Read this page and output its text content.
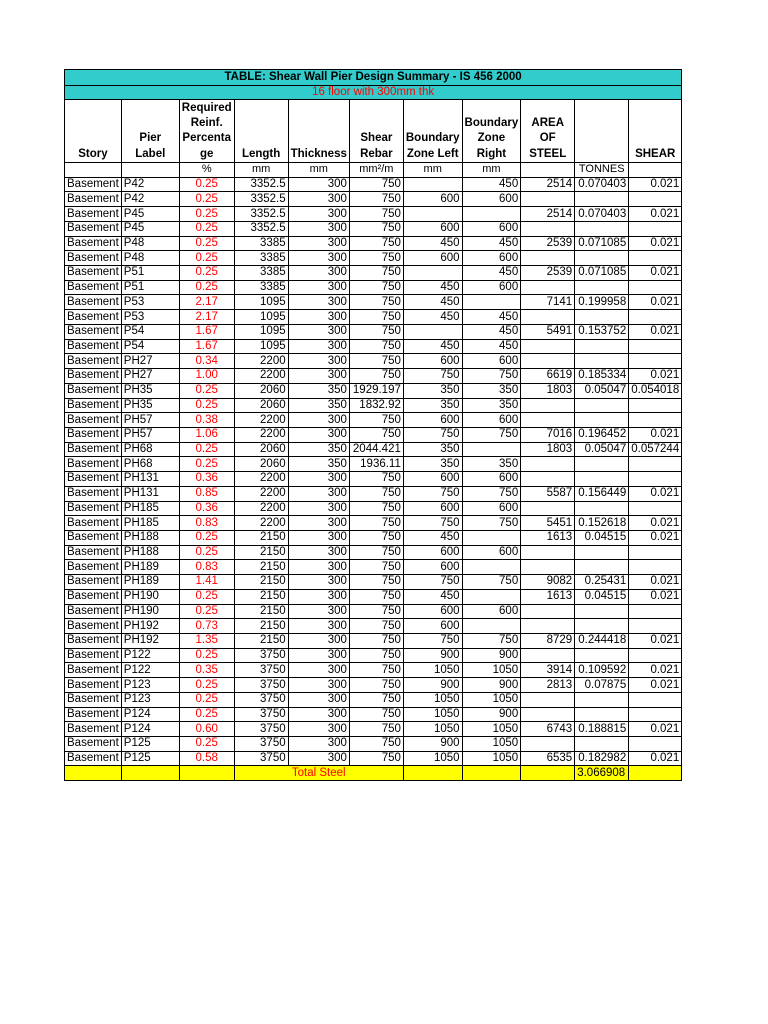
TABLE: Shear Wall Pier Design Summary - IS 456 2000										
16 floor with 300mm thk										
Story	Pier Label	Required Reinf. Percenta ge	Length	Thickness	Shear Rebar	Boundary Zone Left	Boundary Zone Right	AREA OF STEEL		SHEAR
		%	mm	mm	mm²/m	mm	mm		TONNES	
Basement	P42	0.25	3352.5	300	750		450	2514	0.070403	0.021
Basement	P42	0.25	3352.5	300	750	600	600			
Basement	P45	0.25	3352.5	300	750			2514	0.070403	0.021
Basement	P45	0.25	3352.5	300	750	600	600			
Basement	P48	0.25	3385	300	750	450	450	2539	0.071085	0.021
Basement	P48	0.25	3385	300	750	600	600			
Basement	P51	0.25	3385	300	750		450	2539	0.071085	0.021
Basement	P51	0.25	3385	300	750	450	600			
Basement	P53	2.17	1095	300	750	450		7141	0.199958	0.021
Basement	P53	2.17	1095	300	750	450	450			
Basement	P54	1.67	1095	300	750		450	5491	0.153752	0.021
Basement	P54	1.67	1095	300	750	450	450			
Basement	PH27	0.34	2200	300	750	600	600			
Basement	PH27	1.00	2200	300	750	750	750	6619	0.185334	0.021
Basement	PH35	0.25	2060	350	1929.197	350	350	1803	0.05047	0.054018
Basement	PH35	0.25	2060	350	1832.92	350	350			
Basement	PH57	0.38	2200	300	750	600	600			
Basement	PH57	1.06	2200	300	750	750	750	7016	0.196452	0.021
Basement	PH68	0.25	2060	350	2044.421	350		1803	0.05047	0.057244
Basement	PH68	0.25	2060	350	1936.11	350	350			
Basement	PH131	0.36	2200	300	750	600	600			
Basement	PH131	0.85	2200	300	750	750	750	5587	0.156449	0.021
Basement	PH185	0.36	2200	300	750	600	600			
Basement	PH185	0.83	2200	300	750	750	750	5451	0.152618	0.021
Basement	PH188	0.25	2150	300	750	450		1613	0.04515	0.021
Basement	PH188	0.25	2150	300	750	600	600			
Basement	PH189	0.83	2150	300	750	600				
Basement	PH189	1.41	2150	300	750	750	750	9082	0.25431	0.021
Basement	PH190	0.25	2150	300	750	450		1613	0.04515	0.021
Basement	PH190	0.25	2150	300	750	600	600			
Basement	PH192	0.73	2150	300	750	600				
Basement	PH192	1.35	2150	300	750	750	750	8729	0.244418	0.021
Basement	P122	0.25	3750	300	750	900	900			
Basement	P122	0.35	3750	300	750	1050	1050	3914	0.109592	0.021
Basement	P123	0.25	3750	300	750	900	900	2813	0.07875	0.021
Basement	P123	0.25	3750	300	750	1050	1050			
Basement	P124	0.25	3750	300	750	1050	900			
Basement	P124	0.60	3750	300	750	1050	1050	6743	0.188815	0.021
Basement	P125	0.25	3750	300	750	900	1050			
Basement	P125	0.58	3750	300	750	1050	1050	6535	0.182982	0.021
			Total Steel						3.066908	
